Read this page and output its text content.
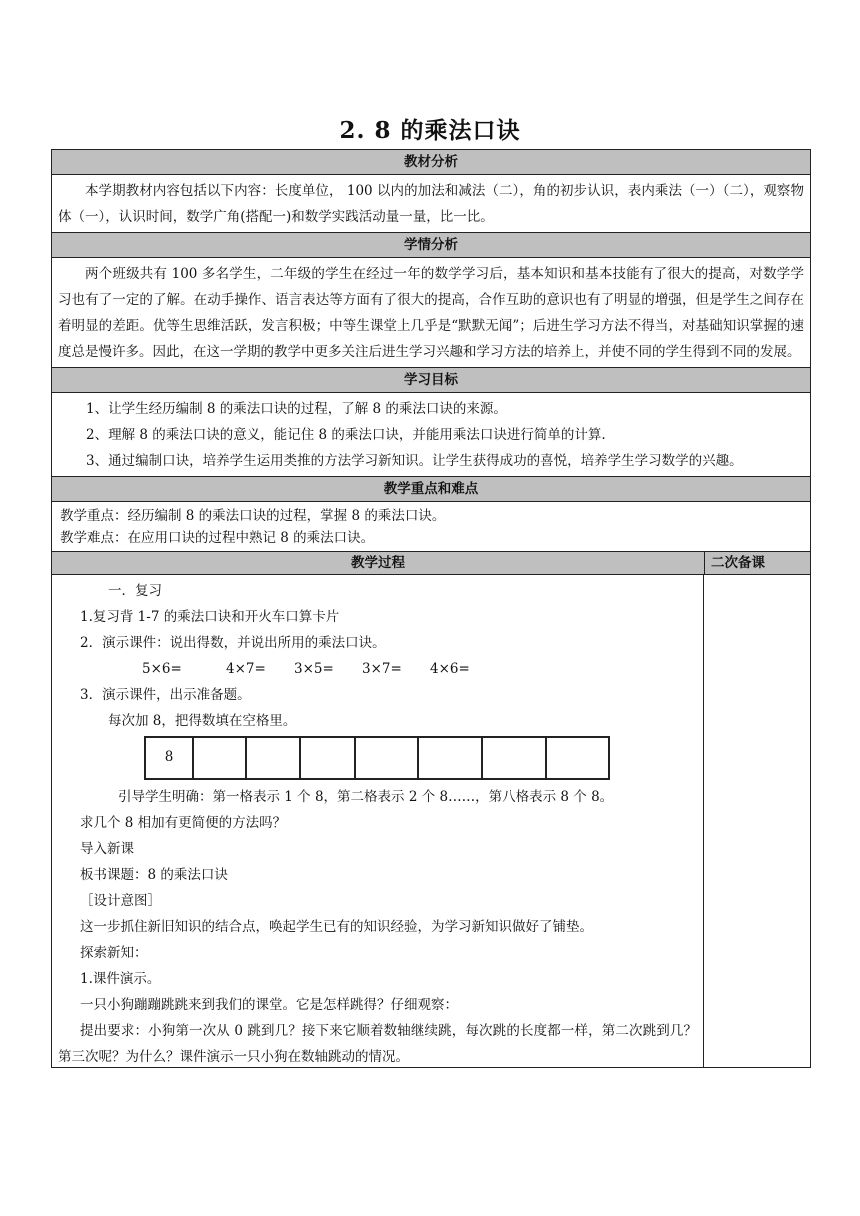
2. 8 的乘法口诀
教材分析

本学期教材内容包括以下内容：长度单位， 100 以内的加法和减法（二），角的初步认识，表内乘法（一）（二），观察物体（一），认识时间，数学广角(搭配一)和数学实践活动量一量，比一比。

学情分析

两个班级共有 100 多名学生，二年级的学生在经过一年的数学学习后，基本知识和基本技能有了很大的提高，对数学学习也有了一定的了解。在动手操作、语言表达等方面有了很大的提高，合作互助的意识也有了明显的增强，但是学生之间存在着明显的差距。优等生思维活跃，发言积极；中等生课堂上几乎是“默默无闻”；后进生学习方法不得当，对基础知识掌握的速度总是慢许多。因此，在这一学期的教学中更多关注后进生学习兴趣和学习方法的培养上，并使不同的学生得到不同的发展。

学习目标

1、让学生经历编制 8 的乘法口诀的过程，了解 8 的乘法口诀的来源。

2、理解 8 的乘法口诀的意义，能记住 8 的乘法口诀，并能用乘法口诀进行简单的计算.

3、通过编制口诀，培养学生运用类推的方法学习新知识。让学生获得成功的喜悦，培养学生学习数学的兴趣。

教学重点和难点

教学重点：经历编制 8 的乘法口诀的过程，掌握 8 的乘法口诀。

教学难点：在应用口诀的过程中熟记 8 的乘法口诀。

教学过程	二次备课

一．复习

1.复习背 1-7 的乘法口诀和开火车口算卡片

2．演示课件：说出得数，并说出所用的乘法口诀。

5×6=	4×7=	3×5=	3×7=	4×6=

3．演示课件，出示准备题。

每次加 8，把得数填在空格里。

8

引导学生明确：第一格表示 1 个 8，第二格表示 2 个 8……，第八格表示 8 个 8。

求几个 8 相加有更简便的方法吗？

导入新课

板书课题：8 的乘法口诀

［设计意图］

这一步抓住新旧知识的结合点，唤起学生已有的知识经验，为学习新知识做好了铺垫。

探索新知：

1.课件演示。

一只小狗蹦蹦跳跳来到我们的课堂。它是怎样跳得？仔细观察：

提出要求：小狗第一次从 0 跳到几？接下来它顺着数轴继续跳，每次跳的长度都一样，第二次跳到几？第三次呢？为什么？课件演示一只小狗在数轴跳动的情况。
